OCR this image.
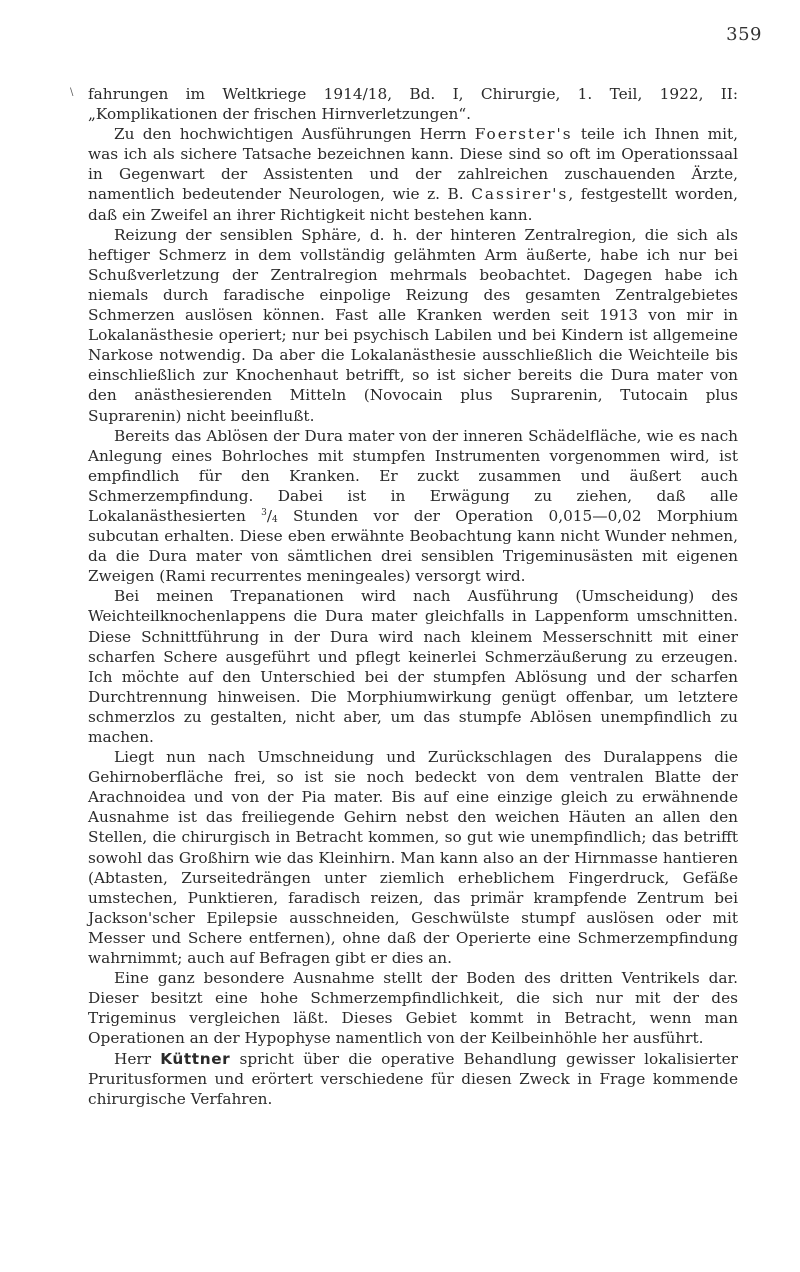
359
\ fahrungen im Weltkriege 1914/18, Bd. I, Chirurgie, 1. Teil, 1922, II: „Komplikationen der frischen Hirnverletzungen“.

Zu den hochwichtigen Ausführungen Herrn Foerster's teile ich Ihnen mit, was ich als sichere Tatsache bezeichnen kann. Diese sind so oft im Operationssaal in Gegenwart der Assistenten und der zahlreichen zuschauenden Ärzte, namentlich bedeutender Neurologen, wie z. B. Cassirer's, festgestellt worden, daß ein Zweifel an ihrer Richtigkeit nicht bestehen kann.

Reizung der sensiblen Sphäre, d. h. der hinteren Zentralregion, die sich als heftiger Schmerz in dem vollständig gelähmten Arm äußerte, habe ich nur bei Schußverletzung der Zentralregion mehrmals beobachtet. Dagegen habe ich niemals durch faradische einpolige Reizung des gesamten Zentralgebietes Schmerzen auslösen können. Fast alle Kranken werden seit 1913 von mir in Lokalanästhesie operiert; nur bei psychisch Labilen und bei Kindern ist allgemeine Narkose notwendig. Da aber die Lokalanästhesie ausschließlich die Weichteile bis einschließlich zur Knochenhaut betrifft, so ist sicher bereits die Dura mater von den anästhesierenden Mitteln (Novocain plus Suprarenin, Tutocain plus Suprarenin) nicht beeinflußt.

Bereits das Ablösen der Dura mater von der inneren Schädelfläche, wie es nach Anlegung eines Bohrloches mit stumpfen Instrumenten vorgenommen wird, ist empfindlich für den Kranken. Er zuckt zusammen und äußert auch Schmerzempfindung. Dabei ist in Erwägung zu ziehen, daß alle Lokalanästhesierten $^3/_4$ Stunden vor der Operation 0,015—0,02 Morphium subcutan erhalten. Diese eben erwähnte Beobachtung kann nicht Wunder nehmen, da die Dura mater von sämtlichen drei sensiblen Trigeminusästen mit eigenen Zweigen (Rami recurrentes meningeales) versorgt wird.

Bei meinen Trepanationen wird nach Ausführung (Umscheidung) des Weichteilknochenlappens die Dura mater gleichfalls in Lappenform umschnitten. Diese Schnittführung in der Dura wird nach kleinem Messerschnitt mit einer scharfen Schere ausgeführt und pflegt keinerlei Schmerzäußerung zu erzeugen. Ich möchte auf den Unterschied bei der stumpfen Ablösung und der scharfen Durchtrennung hinweisen. Die Morphiumwirkung genügt offenbar, um letztere schmerzlos zu gestalten, nicht aber, um das stumpfe Ablösen unempfindlich zu machen.

Liegt nun nach Umschneidung und Zurückschlagen des Duralappens die Gehirnoberfläche frei, so ist sie noch bedeckt von dem ventralen Blatte der Arachnoidea und von der Pia mater. Bis auf eine einzige gleich zu erwähnende Ausnahme ist das freiliegende Gehirn nebst den weichen Häuten an allen den Stellen, die chirurgisch in Betracht kommen, so gut wie unempfindlich; das betrifft sowohl das Großhirn wie das Kleinhirn. Man kann also an der Hirnmasse hantieren (Abtasten, Zurseitedrängen unter ziemlich erheblichem Fingerdruck, Gefäße umstechen, Punktieren, faradisch reizen, das primär krampfende Zentrum bei Jackson'scher Epilepsie ausschneiden, Geschwülste stumpf auslösen oder mit Messer und Schere entfernen), ohne daß der Operierte eine Schmerzempfindung wahrnimmt; auch auf Befragen gibt er dies an.

Eine ganz besondere Ausnahme stellt der Boden des dritten Ventrikels dar. Dieser besitzt eine hohe Schmerzempfindlichkeit, die sich nur mit der des Trigeminus vergleichen läßt. Dieses Gebiet kommt in Betracht, wenn man Operationen an der Hypophyse namentlich von der Keilbeinhöhle her ausführt.

Herr Küttner spricht über die operative Behandlung gewisser lokalisierter Pruritusformen und erörtert verschiedene für diesen Zweck in Frage kommende chirurgische Verfahren.
